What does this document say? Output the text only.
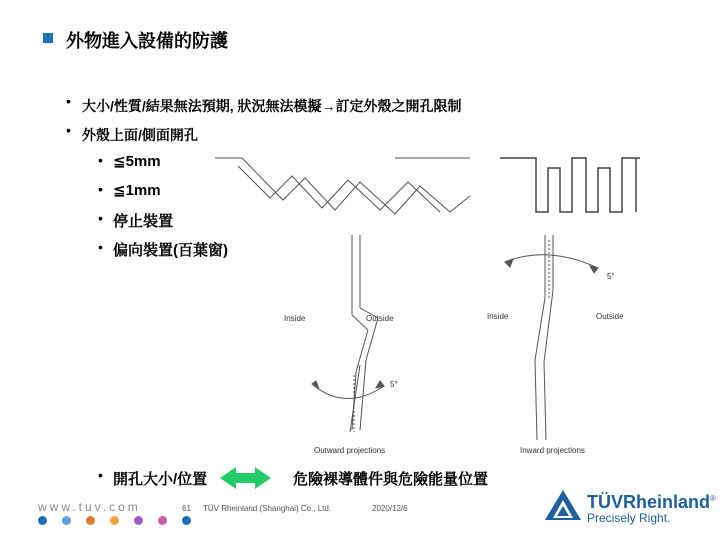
外物進入設備的防護
• 大小/性質/結果無法預期, 狀況無法模擬→訂定外殼之開孔限制
• 外殼上面/側面開孔
• ≦5mm
• ≦1mm
• 停止裝置
• 偏向裝置(百葉窗)
Inside	Outside
5°
Outward projections
Inside	Outside
5°
Inward projections
• 開孔大小/位置	危險裸導體件與危險能量位置
www.tuv.com	61 TÜV Rheinland (Shanghai) Co., Ltd.	2020/12/6	TÜVRheinland®
Precisely Right.
